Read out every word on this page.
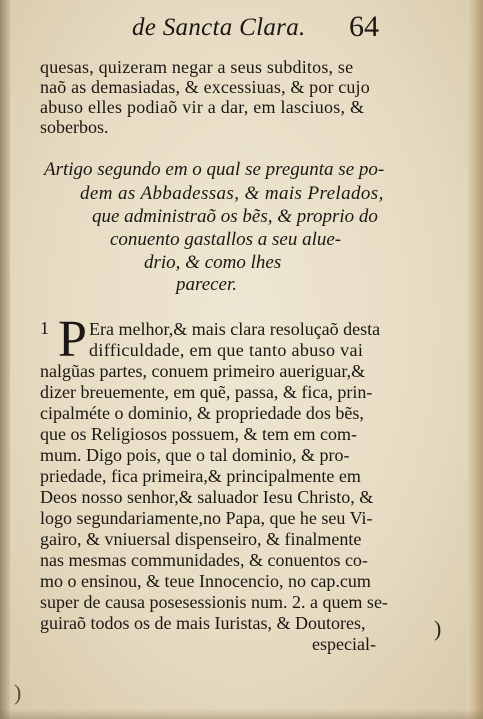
de Sancta Clara. 64
quesas, quizeram negar a seus subditos, se
naõ as demasiadas, & excessiuas, & por cujo
abuso elles podiaõ vir a dar, em lasciuos, &
soberbos.
Artigo segundo em o qual se pregunta se po-
dem as Abbadessas, & mais Prelados,
que administraõ os bẽs, & proprio do
conuento gastallos a seu alue-
drio, & como lhes
parecer.
1 P Era melhor,& mais clara resoluçaõ desta
difficuldade, em que tanto abuso vai
nalgũas partes, conuem primeiro aueriguar,&
dizer breuemente, em quẽ, passa, & fica, prin-
cipalméte o dominio, & propriedade dos bẽs,
que os Religiosos possuem, & tem em com-
mum. Digo pois, que o tal dominio, & pro-
priedade, fica primeira,& principalmente em
Deos nosso senhor,& saluador Iesu Christo, &
logo segundariamente,no Papa, que he seu Vi-
gairo, & vniuersal dispenseiro, & finalmente
nas mesmas communidades, & conuentos co-
mo o ensinou, & teue Innocencio, no cap.cum
super de causa posesessionis num. 2. a quem se-
guiraõ todos os de mais Iuristas, & Doutores,
especial-
)
)
